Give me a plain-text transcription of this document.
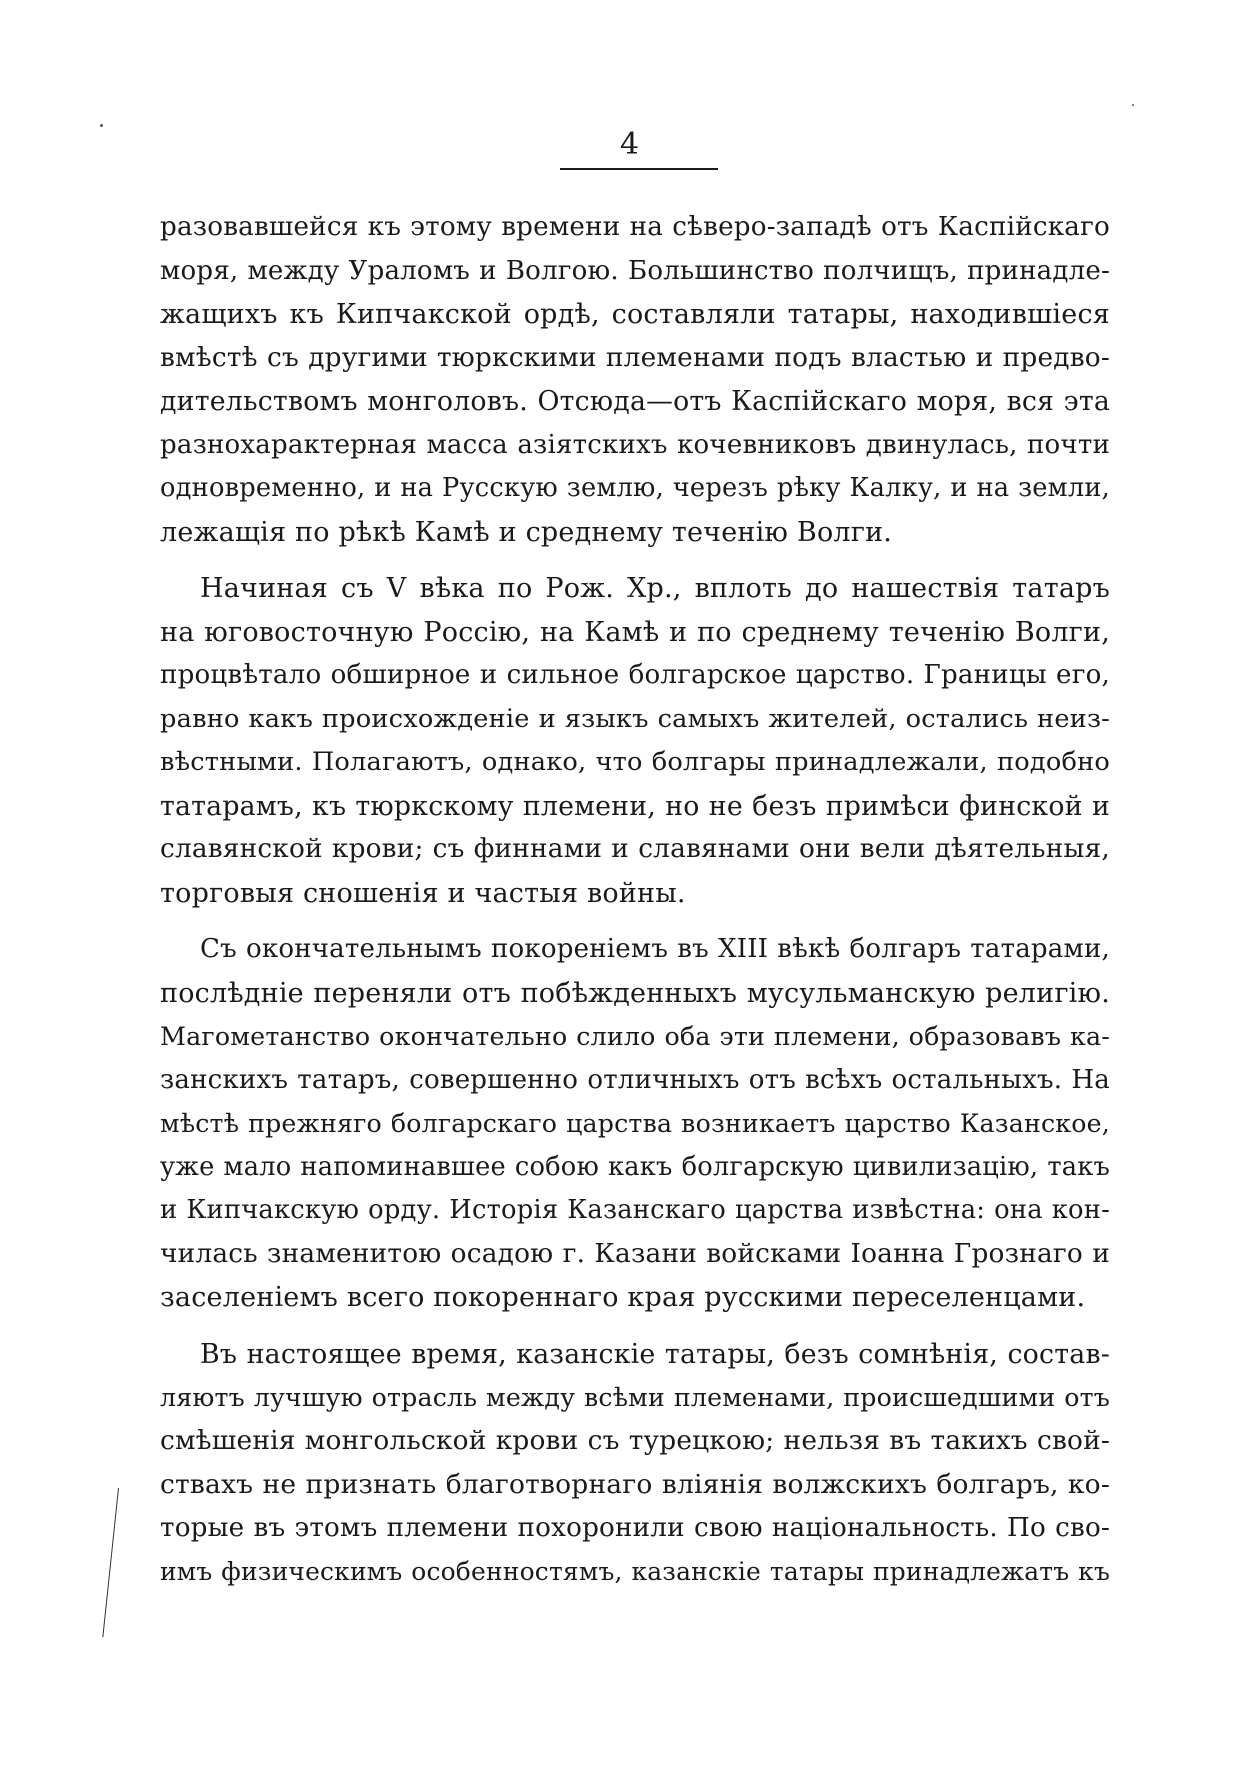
4
разовавшейся къ этому времени на сѣверо-западѣ отъ Каспійскаго
моря, между Ураломъ и Волгою. Большинство полчищъ, принадле-
жащихъ къ Кипчакской ордѣ, составляли татары, находившіеся
вмѣстѣ съ другими тюркскими племенами подъ властью и предво-
дительствомъ монголовъ. Отсюда—отъ Каспійскаго моря, вся эта
разнохарактерная масса азіятскихъ кочевниковъ двинулась, почти
одновременно, и на Русскую землю, черезъ рѣку Калку, и на земли,
лежащія по рѣкѣ Камѣ и среднему теченію Волги.
Начиная съ V вѣка по Рож. Хр., вплоть до нашествія татаръ
на юговосточную Россію, на Камѣ и по среднему теченію Волги,
процвѣтало обширное и сильное болгарское царство. Границы его,
равно какъ происхожденіе и языкъ самыхъ жителей, остались неиз-
вѣстными. Полагаютъ, однако, что болгары принадлежали, подобно
татарамъ, къ тюркскому племени, но не безъ примѣси финской и
славянской крови; съ финнами и славянами они вели дѣятельныя,
торговыя сношенія и частыя войны.
Съ окончательнымъ покореніемъ въ XIII вѣкѣ болгаръ татарами,
послѣдніе переняли отъ побѣжденныхъ мусульманскую религію.
Магометанство окончательно слило оба эти племени, образовавъ ка-
занскихъ татаръ, совершенно отличныхъ отъ всѣхъ остальныхъ. На
мѣстѣ прежняго болгарскаго царства возникаетъ царство Казанское,
уже мало напоминавшее собою какъ болгарскую цивилизацію, такъ
и Кипчакскую орду. Исторія Казанскаго царства извѣстна: она кон-
чилась знаменитою осадою г. Казани войсками Іоанна Грознаго и
заселеніемъ всего покореннаго края русскими переселенцами.
Въ настоящее время, казанскіе татары, безъ сомнѣнія, состав-
ляютъ лучшую отрасль между всѣми племенами, происшедшими отъ
смѣшенія монгольской крови съ турецкою; нельзя въ такихъ свой-
ствахъ не признать благотворнаго вліянія волжскихъ болгаръ, ко-
торые въ этомъ племени похоронили свою національность. По сво-
имъ физическимъ особенностямъ, казанскіе татары принадлежатъ къ
